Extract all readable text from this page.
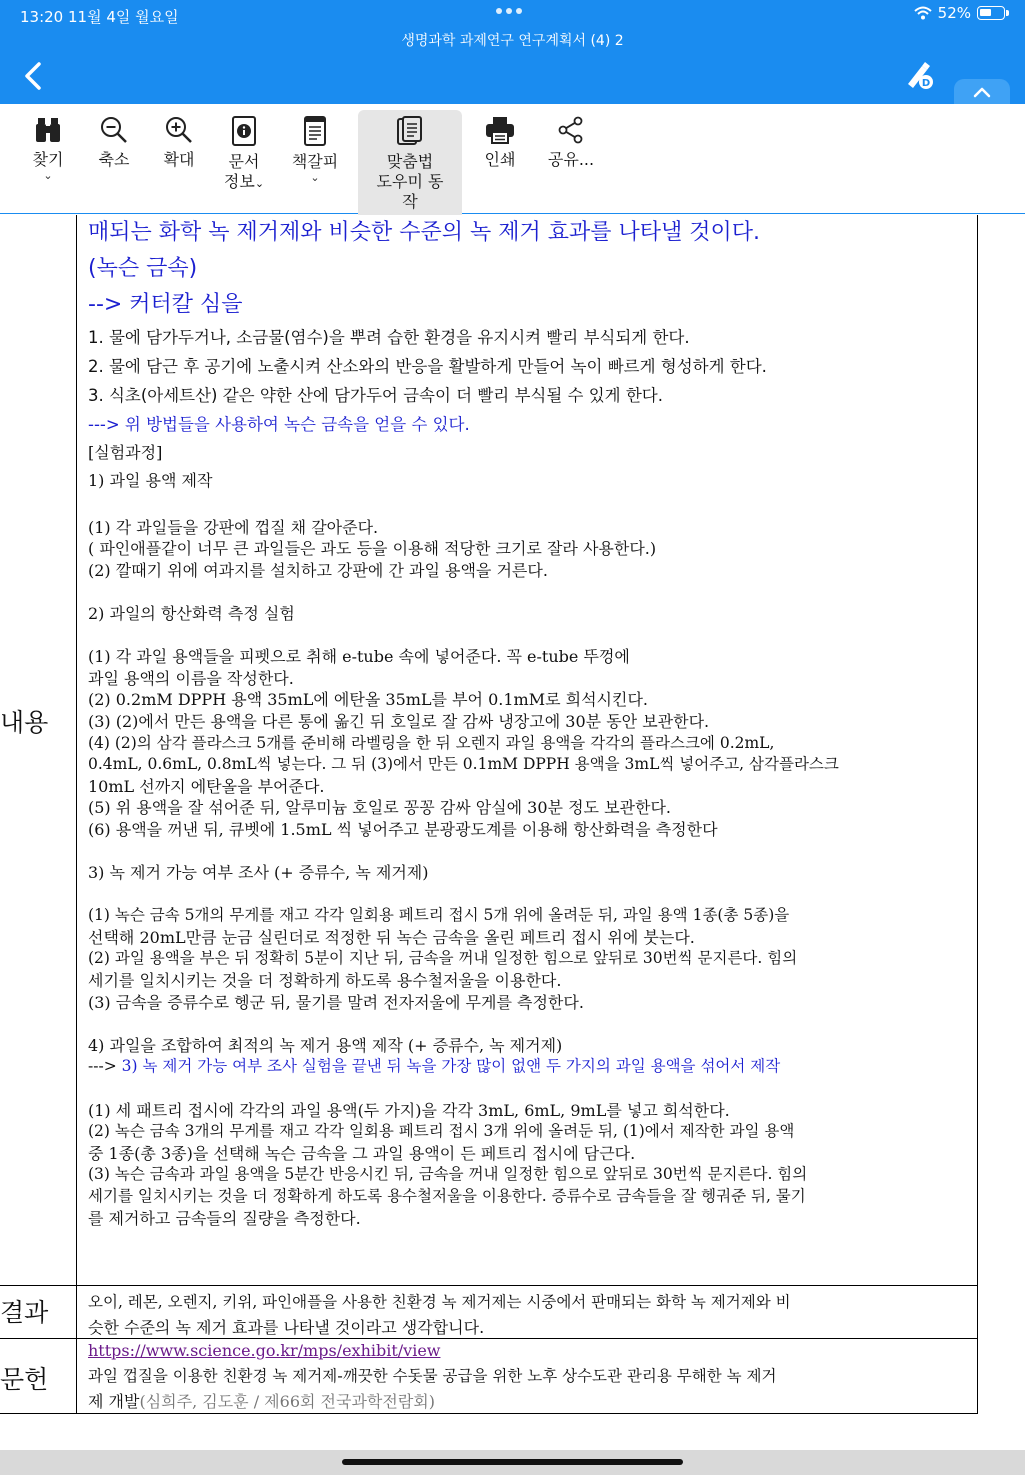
13:20 11월 4일 월요일	52%
생명과학 과제연구 연구계획서 (4) 2
D
찾기
⌄
축소 확대	문서
정보⌄
책갈피
⌄
맞춤법
도우미 동작
인쇄 공유...
내용
결과
문헌
매되는 화학 녹 제거제와 비슷한 수준의 녹 제거 효과를 나타낼 것이다.
(녹슨 금속)
--> 커터칼 심을
1. 물에 담가두거나, 소금물(염수)을 뿌려 습한 환경을 유지시켜 빨리 부식되게 한다.
2. 물에 담근 후 공기에 노출시켜 산소와의 반응을 활발하게 만들어 녹이 빠르게 형성하게 한다.
3. 식초(아세트산) 같은 약한 산에 담가두어 금속이 더 빨리 부식될 수 있게 한다.
---> 위 방법들을 사용하여 녹슨 금속을 얻을 수 있다.
[실험과정]
1) 과일 용액 제작
(1) 각 과일들을 강판에 껍질 채 갈아준다.
( 파인애플같이 너무 큰 과일들은 과도 등을 이용해 적당한 크기로 잘라 사용한다.)
(2) 깔때기 위에 여과지를 설치하고 강판에 간 과일 용액을 거른다.
2) 과일의 항산화력 측정 실험
(1) 각 과일 용액들을 피펫으로 취해 e-tube 속에 넣어준다. 꼭 e-tube 뚜껑에
과일 용액의 이름을 작성한다.
(2) 0.2mM DPPH 용액 35mL에 에탄올 35mL를 부어 0.1mM로 희석시킨다.
(3) (2)에서 만든 용액을 다른 통에 옮긴 뒤 호일로 잘 감싸 냉장고에 30분 동안 보관한다.
(4) (2)의 삼각 플라스크 5개를 준비해 라벨링을 한 뒤 오렌지 과일 용액을 각각의 플라스크에 0.2mL,
0.4mL, 0.6mL, 0.8mL씩 넣는다. 그 뒤 (3)에서 만든 0.1mM DPPH 용액을 3mL씩 넣어주고, 삼각플라스크
10mL 선까지 에탄올을 부어준다.
(5) 위 용액을 잘 섞어준 뒤, 알루미늄 호일로 꽁꽁 감싸 암실에 30분 정도 보관한다.
(6) 용액을 꺼낸 뒤, 큐벳에 1.5mL 씩 넣어주고 분광광도계를 이용해 항산화력을 측정한다
3) 녹 제거 가능 여부 조사 (+ 증류수, 녹 제거제)
(1) 녹슨 금속 5개의 무게를 재고 각각 일회용 페트리 접시 5개 위에 올려둔 뒤, 과일 용액 1종(총 5종)을
선택해 20mL만큼 눈금 실린더로 적정한 뒤 녹슨 금속을 올린 페트리 접시 위에 붓는다.
(2) 과일 용액을 부은 뒤 정확히 5분이 지난 뒤, 금속을 꺼내 일정한 힘으로 앞뒤로 30번씩 문지른다. 힘의
세기를 일치시키는 것을 더 정확하게 하도록 용수철저울을 이용한다.
(3) 금속을 증류수로 헹군 뒤, 물기를 말려 전자저울에 무게를 측정한다.
4) 과일을 조합하여 최적의 녹 제거 용액 제작 (+ 증류수, 녹 제거제)
---> 3) 녹 제거 가능 여부 조사 실험을 끝낸 뒤 녹을 가장 많이 없앤 두 가지의 과일 용액을 섞어서 제작
(1) 세 패트리 접시에 각각의 과일 용액(두 가지)을 각각 3mL, 6mL, 9mL를 넣고 희석한다.
(2) 녹슨 금속 3개의 무게를 재고 각각 일회용 페트리 접시 3개 위에 올려둔 뒤, (1)에서 제작한 과일 용액
중 1종(총 3종)을 선택해 녹슨 금속을 그 과일 용액이 든 페트리 접시에 담근다.
(3) 녹슨 금속과 과일 용액을 5분간 반응시킨 뒤, 금속을 꺼내 일정한 힘으로 앞뒤로 30번씩 문지른다. 힘의
세기를 일치시키는 것을 더 정확하게 하도록 용수철저울을 이용한다. 증류수로 금속들을 잘 헹궈준 뒤, 물기
를 제거하고 금속들의 질량을 측정한다.
오이, 레몬, 오렌지, 키위, 파인애플을 사용한 친환경 녹 제거제는 시중에서 판매되는 화학 녹 제거제와 비
슷한 수준의 녹 제거 효과를 나타낼 것이라고 생각합니다.
https://www.science.go.kr/mps/exhibit/view
과일 껍질을 이용한 친환경 녹 제거제-깨끗한 수돗물 공급을 위한 노후 상수도관 관리용 무해한 녹 제거
제 개발(심희주, 김도훈 / 제66회 전국과학전람회)
